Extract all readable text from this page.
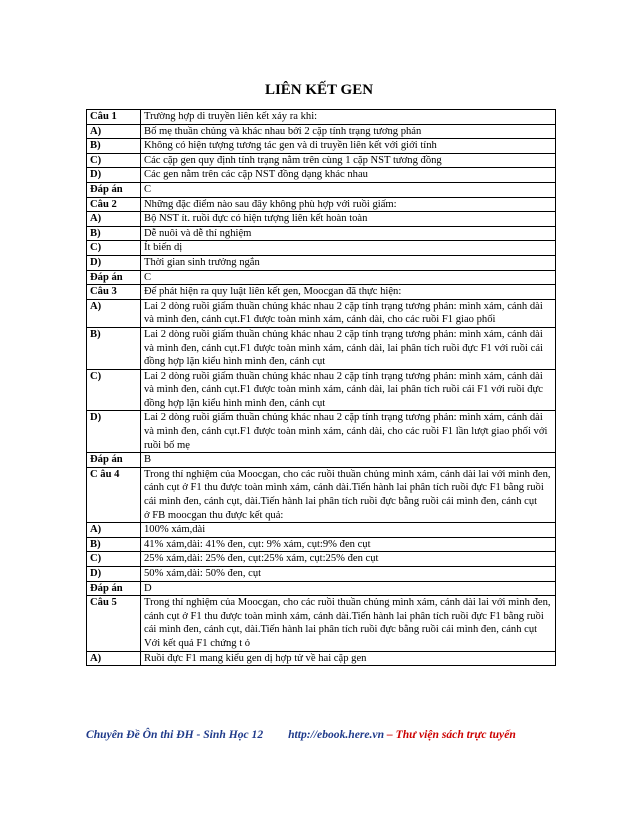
LIÊN KẾT GEN
Câu 1	Trường hợp di truyền liên kết xảy ra khi:
A)	Bố mẹ thuần chủng và khác nhau bởi 2 cặp tính trạng tương phản
B)	Không có hiện tượng tương tác gen và di truyền liên kết với giới tính
C)	Các cặp gen quy định tính trạng nằm trên cùng 1 cặp NST tương đồng
D)	Các gen nằm trên các cặp NST đồng dạng khác nhau
Đáp án	C
Câu 2	Những đặc điểm nào sau đây không phù hợp với ruồi giấm:
A)	Bộ NST ít. ruồi đực có hiện tượng liên kết hoàn toàn
B)	Dễ nuôi và dễ thí nghiệm
C)	Ít biến dị
D)	Thời gian sinh trưởng ngắn
Đáp án	C
Câu 3	Để phát hiện ra quy luật liên kết gen, Moocgan đã thực hiện:
A)	Lai 2 dòng ruồi giấm thuần chủng khác nhau 2 cặp tính trạng tương phản: mình xám, cánh dài và mình đen, cánh cụt.F1 được toàn mình xám, cánh dài, cho các ruồi F1 giao phối
B)	Lai 2 dòng ruồi giấm thuần chủng khác nhau 2 cặp tính trạng tương phản: mình xám, cánh dài và mình đen, cánh cụt.F1 được toàn mình xám, cánh dài, lai phân tích ruồi đực F1 với ruồi cái đồng hợp lặn kiểu hình mình đen, cánh cụt
C)	Lai 2 dòng ruồi giấm thuần chủng khác nhau 2 cặp tính trạng tương phản: mình xám, cánh dài và mình đen, cánh cụt.F1 được toàn mình xám, cánh dài, lai phân tích ruồi cái F1 với ruồi đực đồng hợp lặn kiểu hình mình đen, cánh cụt
D)	Lai 2 dòng ruồi giấm thuần chủng khác nhau 2 cặp tính trạng tương phản: mình xám, cánh dài và mình đen, cánh cụt.F1 được toàn mình xám, cánh dài, cho các ruồi F1 lần lượt giao phối với ruồi bố mẹ
Đáp án	B
C âu 4	Trong thí nghiệm của Moocgan, cho các ruồi thuần chủng mình xám, cánh dài lai với mình đen, cánh cụt ở F1 thu được toàn mình xám, cánh dài.Tiến hành lai phân tích ruồi đực F1 bằng ruồi cái mình đen, cánh cụt, dài.Tiến hành lai phân tích ruồi đực bằng ruồi cái mình đen, cánh cụt
ở FB moocgan thu được kết quả:
A)	100% xám,dài
B)	41% xám,dài: 41% đen, cụt: 9% xám, cụt:9% đen cụt
C)	25% xám,dài: 25% đen, cụt:25% xám, cụt:25% đen cụt
D)	50% xám,dài: 50% đen, cụt
Đáp án	D
Câu 5	Trong thí nghiệm của Moocgan, cho các ruồi thuần chủng mình xám, cánh dài lai với mình đen, cánh cụt ở F1 thu được toàn mình xám, cánh dài.Tiến hành lai phân tích ruồi đực F1 bằng ruồi cái mình đen, cánh cụt, dài.Tiến hành lai phân tích ruồi đực bằng ruồi cái mình đen, cánh cụt
Với kết quả F1 chứng t ỏ
A)	Ruồi đực F1 mang kiểu gen dị hợp tử về hai cặp gen
Chuyên Đề Ôn thi ĐH - Sinh Học 12 http://ebook.here.vn – Thư viện sách trực tuyến
